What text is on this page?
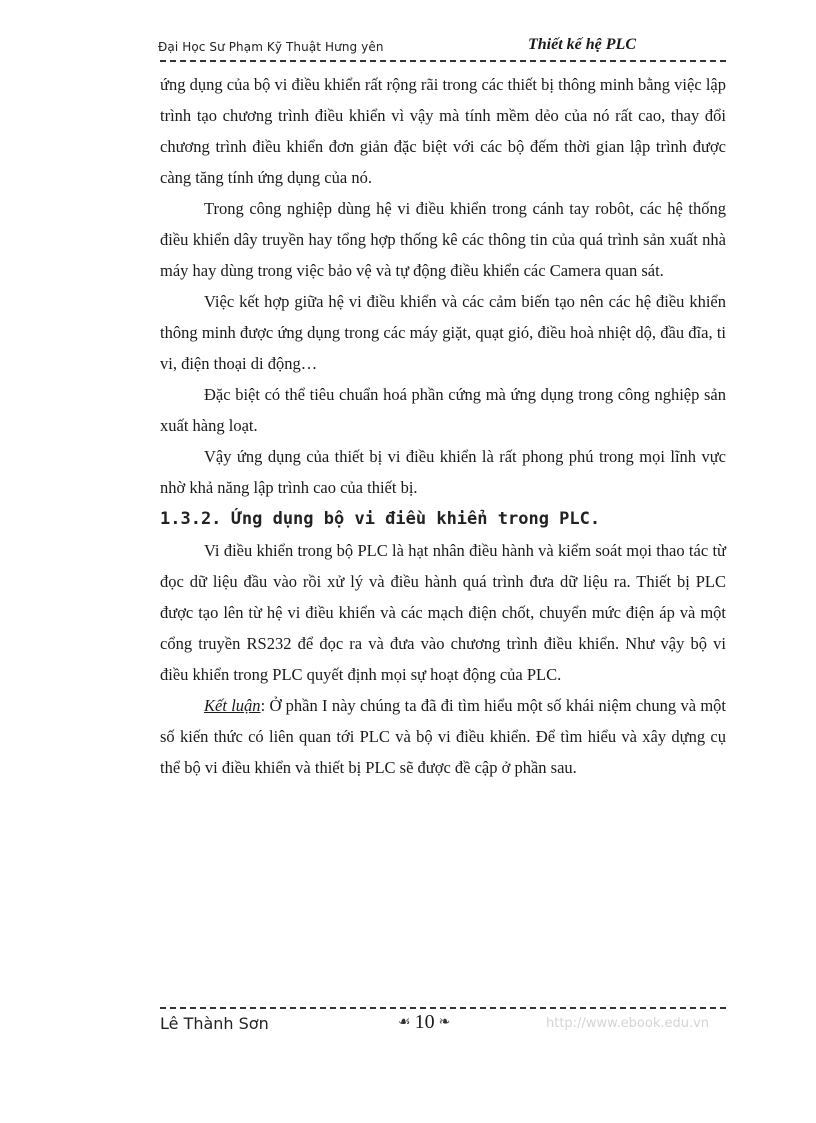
Đại Học Sư Phạm Kỹ Thuật Hưng yên	Thiết kế hệ PLC

ứng dụng của bộ vi điều khiển rất rộng rãi trong các thiết bị thông minh bằng việc lập trình tạo chương trình điều khiển vì vậy mà tính mềm dẻo của nó rất cao, thay đổi chương trình điều khiển đơn giản đặc biệt với các bộ đếm thời gian lập trình được càng tăng tính ứng dụng của nó.

Trong công nghiệp dùng hệ vi điều khiển trong cánh tay robôt, các hệ thống điều khiển dây truyền hay tổng hợp thống kê các thông tin của quá trình sản xuất nhà máy hay dùng trong việc bảo vệ và tự động điều khiển các Camera quan sát.

Việc kết hợp giữa hệ vi điều khiển và các cảm biến tạo nên các hệ điều khiển thông minh được ứng dụng trong các máy giặt, quạt gió, điều hoà nhiệt dộ, đầu đĩa, ti vi, điện thoại di động…

Đặc biệt có thể tiêu chuẩn hoá phần cứng mà ứng dụng trong công nghiệp sản xuất hàng loạt.

Vậy ứng dụng của thiết bị vi điều khiển là rất phong phú trong mọi lĩnh vực nhờ khả năng lập trình cao của thiết bị.

1.3.2. Ứng dụng bộ vi điều khiển trong PLC.

Vi điều khiển trong bộ PLC là hạt nhân điều hành và kiểm soát mọi thao tác từ đọc dữ liệu đầu vào rồi xử lý và điều hành quá trình đưa dữ liệu ra. Thiết bị PLC được tạo lên từ hệ vi điều khiển và các mạch điện chốt, chuyển mức điện áp và một cổng truyền RS232 để đọc ra và đưa vào chương trình điều khiển. Như vậy bộ vi điều khiển trong PLC quyết định mọi sự hoạt động của PLC.

Kết luận: Ở phần I này chúng ta đã đi tìm hiểu một số khái niệm chung và một số kiến thức có liên quan tới PLC và bộ vi điều khiển. Để tìm hiểu và xây dựng cụ thể bộ vi điều khiển và thiết bị PLC sẽ được đề cập ở phần sau.

Lê Thành Sơn	☙ 10 ❧	http://www.ebook.edu.vn
